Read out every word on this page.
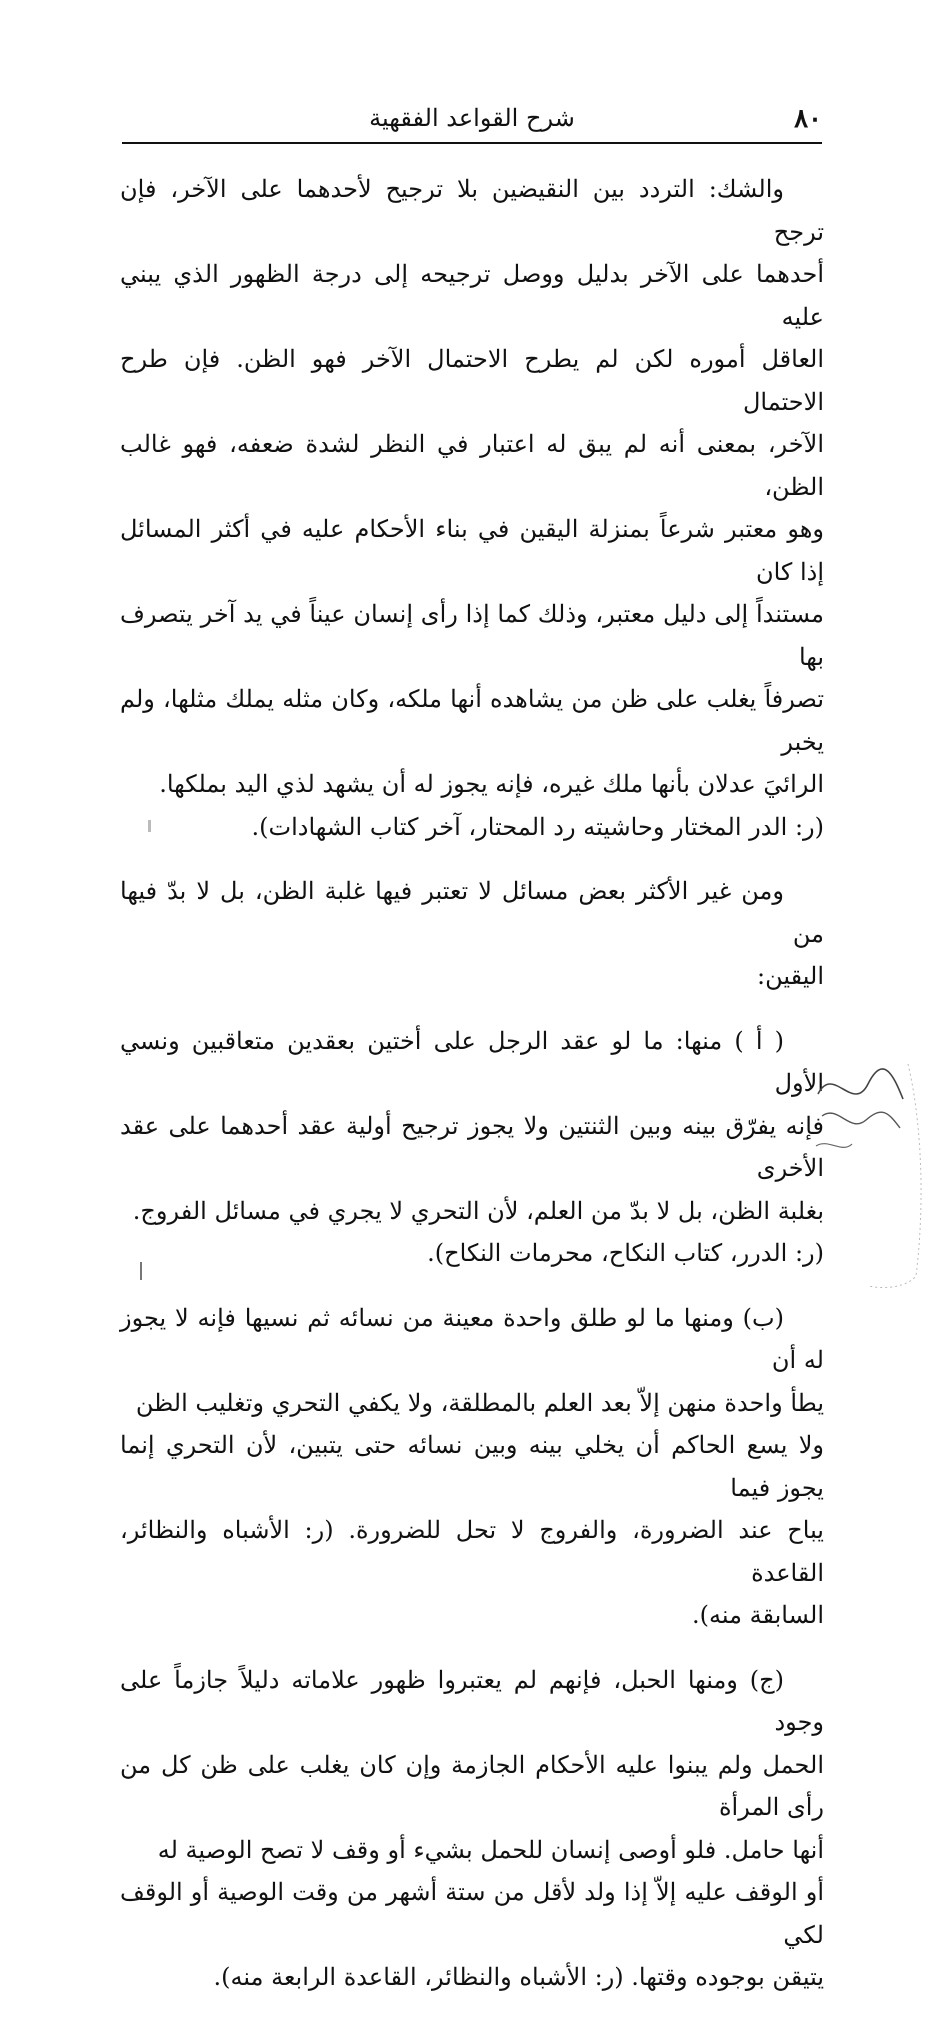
٨٠
شرح القواعد الفقهية

والشك: التردد بين النقيضين بلا ترجيح لأحدهما على الآخر، فإن ترجح

أحدهما على الآخر بدليل ووصل ترجيحه إلى درجة الظهور الذي يبني عليه

العاقل أموره لكن لم يطرح الاحتمال الآخر فهو الظن. فإن طرح الاحتمال

الآخر، بمعنى أنه لم يبق له اعتبار في النظر لشدة ضعفه، فهو غالب الظن،

وهو معتبر شرعاً بمنزلة اليقين في بناء الأحكام عليه في أكثر المسائل إذا كان

مستنداً إلى دليل معتبر، وذلك كما إذا رأى إنسان عيناً في يد آخر يتصرف بها

تصرفاً يغلب على ظن من يشاهده أنها ملكه، وكان مثله يملك مثلها، ولم يخبر

الرائيَ عدلان بأنها ملك غيره، فإنه يجوز له أن يشهد لذي اليد بملكها.

(ر: الدر المختار وحاشيته رد المحتار، آخر كتاب الشهادات).

ومن غير الأكثر بعض مسائل لا تعتبر فيها غلبة الظن، بل لا بدّ فيها من

اليقين:

( أ ) منها: ما لو عقد الرجل على أختين بعقدين متعاقبين ونسي الأول

فإنه يفرّق بينه وبين الثنتين ولا يجوز ترجيح أولية عقد أحدهما على عقد الأخرى

بغلبة الظن، بل لا بدّ من العلم، لأن التحري لا يجري في مسائل الفروج.

(ر: الدرر، كتاب النكاح، محرمات النكاح).

(ب) ومنها ما لو طلق واحدة معينة من نسائه ثم نسيها فإنه لا يجوز له أن

يطأ واحدة منهن إلاّ بعد العلم بالمطلقة، ولا يكفي التحري وتغليب الظن

ولا يسع الحاكم أن يخلي بينه وبين نسائه حتى يتبين، لأن التحري إنما يجوز فيما

يباح عند الضرورة، والفروج لا تحل للضرورة. (ر: الأشباه والنظائر، القاعدة

السابقة منه).

(ج) ومنها الحبل، فإنهم لم يعتبروا ظهور علاماته دليلاً جازماً على وجود

الحمل ولم يبنوا عليه الأحكام الجازمة وإن كان يغلب على ظن كل من رأى المرأة

أنها حامل. فلو أوصى إنسان للحمل بشيء أو وقف لا تصح الوصية له

أو الوقف عليه إلاّ إذا ولد لأقل من ستة أشهر من وقت الوصية أو الوقف لكي

يتيقن بوجوده وقتها. (ر: الأشباه والنظائر، القاعدة الرابعة منه).
